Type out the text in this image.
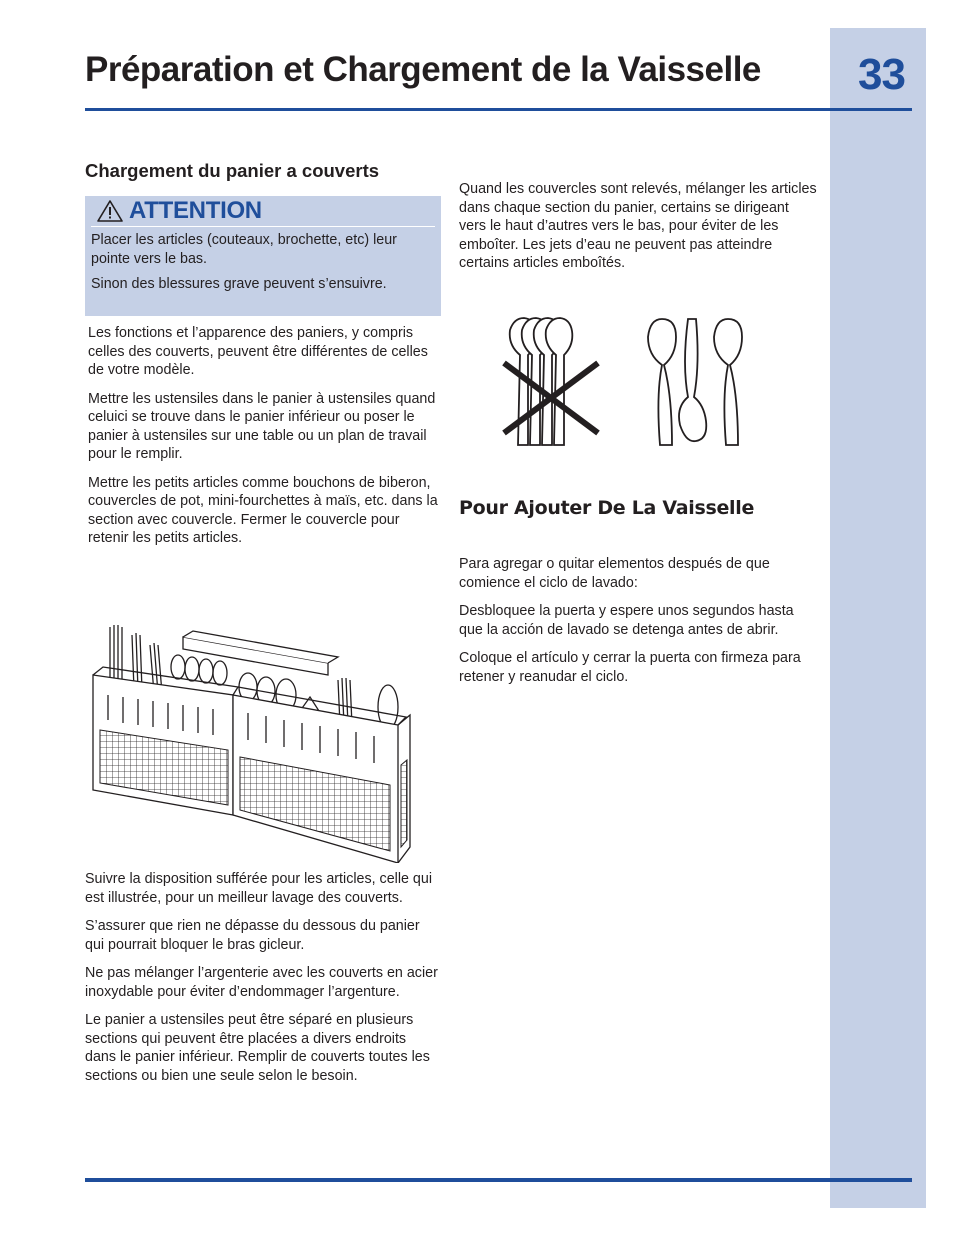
33
Préparation et Chargement de la Vaisselle
Chargement du panier a couverts
ATTENTION

Placer les articles (couteaux, brochette, etc) leur pointe vers le bas.

Sinon des blessures grave peuvent s’ensuivre.

Les fonctions et l’apparence des paniers, y compris celles des couverts, peuvent être différentes de celles de votre modèle.

Mettre les ustensiles dans le panier à ustensiles quand celuici se trouve dans le panier inférieur ou poser le panier à ustensiles sur une table ou un plan de travail pour le remplir.

Mettre les petits articles comme bouchons de biberon, couvercles de pot, mini-fourchettes à maïs, etc. dans la section avec couvercle. Fermer le couvercle pour retenir les petits articles.

Suivre la disposition sufférée pour les articles, celle qui est illustrée, pour un meilleur lavage des couverts.

S’assurer que rien ne dépasse du dessous du panier qui pourrait bloquer le bras gicleur.

Ne pas mélanger l’argenterie avec les couverts en acier inoxydable pour éviter d’endommager l’argenture.

Le panier a ustensiles peut être séparé en plusieurs sections qui peuvent être placées a divers endroits dans le panier inférieur. Remplir de couverts toutes les sections ou bien une seule selon le besoin.

Quand les couvercles sont relevés, mélanger les articles dans chaque section du panier, certains se dirigeant vers le haut d’autres vers le bas, pour éviter de les emboîter. Les jets d’eau ne peuvent pas atteindre certains articles emboîtés.

Pour Ajouter De La Vaisselle

Para agregar o quitar elementos después de que comience el ciclo de lavado:

Desbloquee la puerta y espere unos segundos hasta que la acción de lavado se detenga antes de abrir.

Coloque el artículo y cerrar la puerta con firmeza para retener y reanudar el ciclo.
